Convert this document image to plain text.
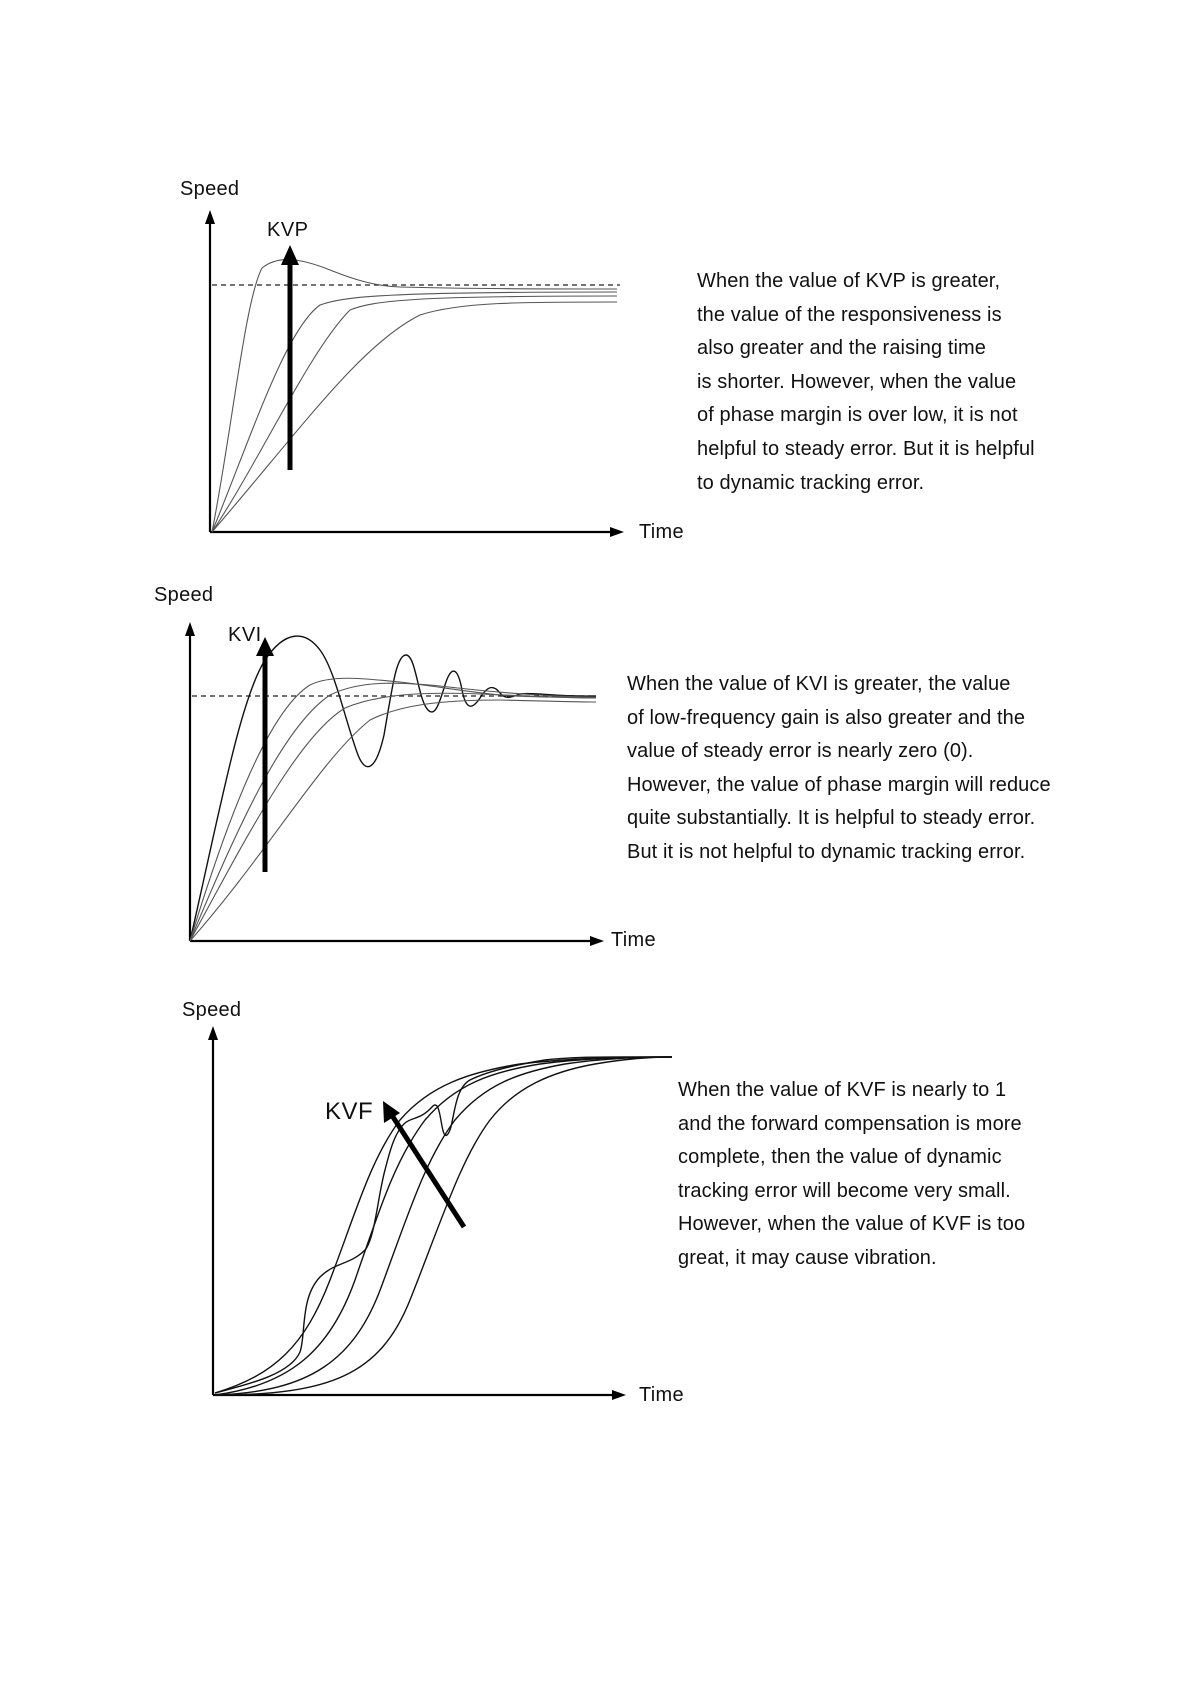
Speed
Time
KVP
When the value of KVP is greater,
the value of the responsiveness is
also greater and the raising time
is shorter. However, when the value
of phase margin is over low, it is not
helpful to steady error. But it is helpful
to dynamic tracking error.
Speed
Time
KVI
When the value of KVI is greater, the value
of low-frequency gain is also greater and the
value of steady error is nearly zero (0).
However, the value of phase margin will reduce
quite substantially. It is helpful to steady error.
But it is not helpful to dynamic tracking error.
Speed
Time
KVF
When the value of KVF is nearly to 1
and the forward compensation is more
complete, then the value of dynamic
tracking error will become very small.
However, when the value of KVF is too
great, it may cause vibration.
